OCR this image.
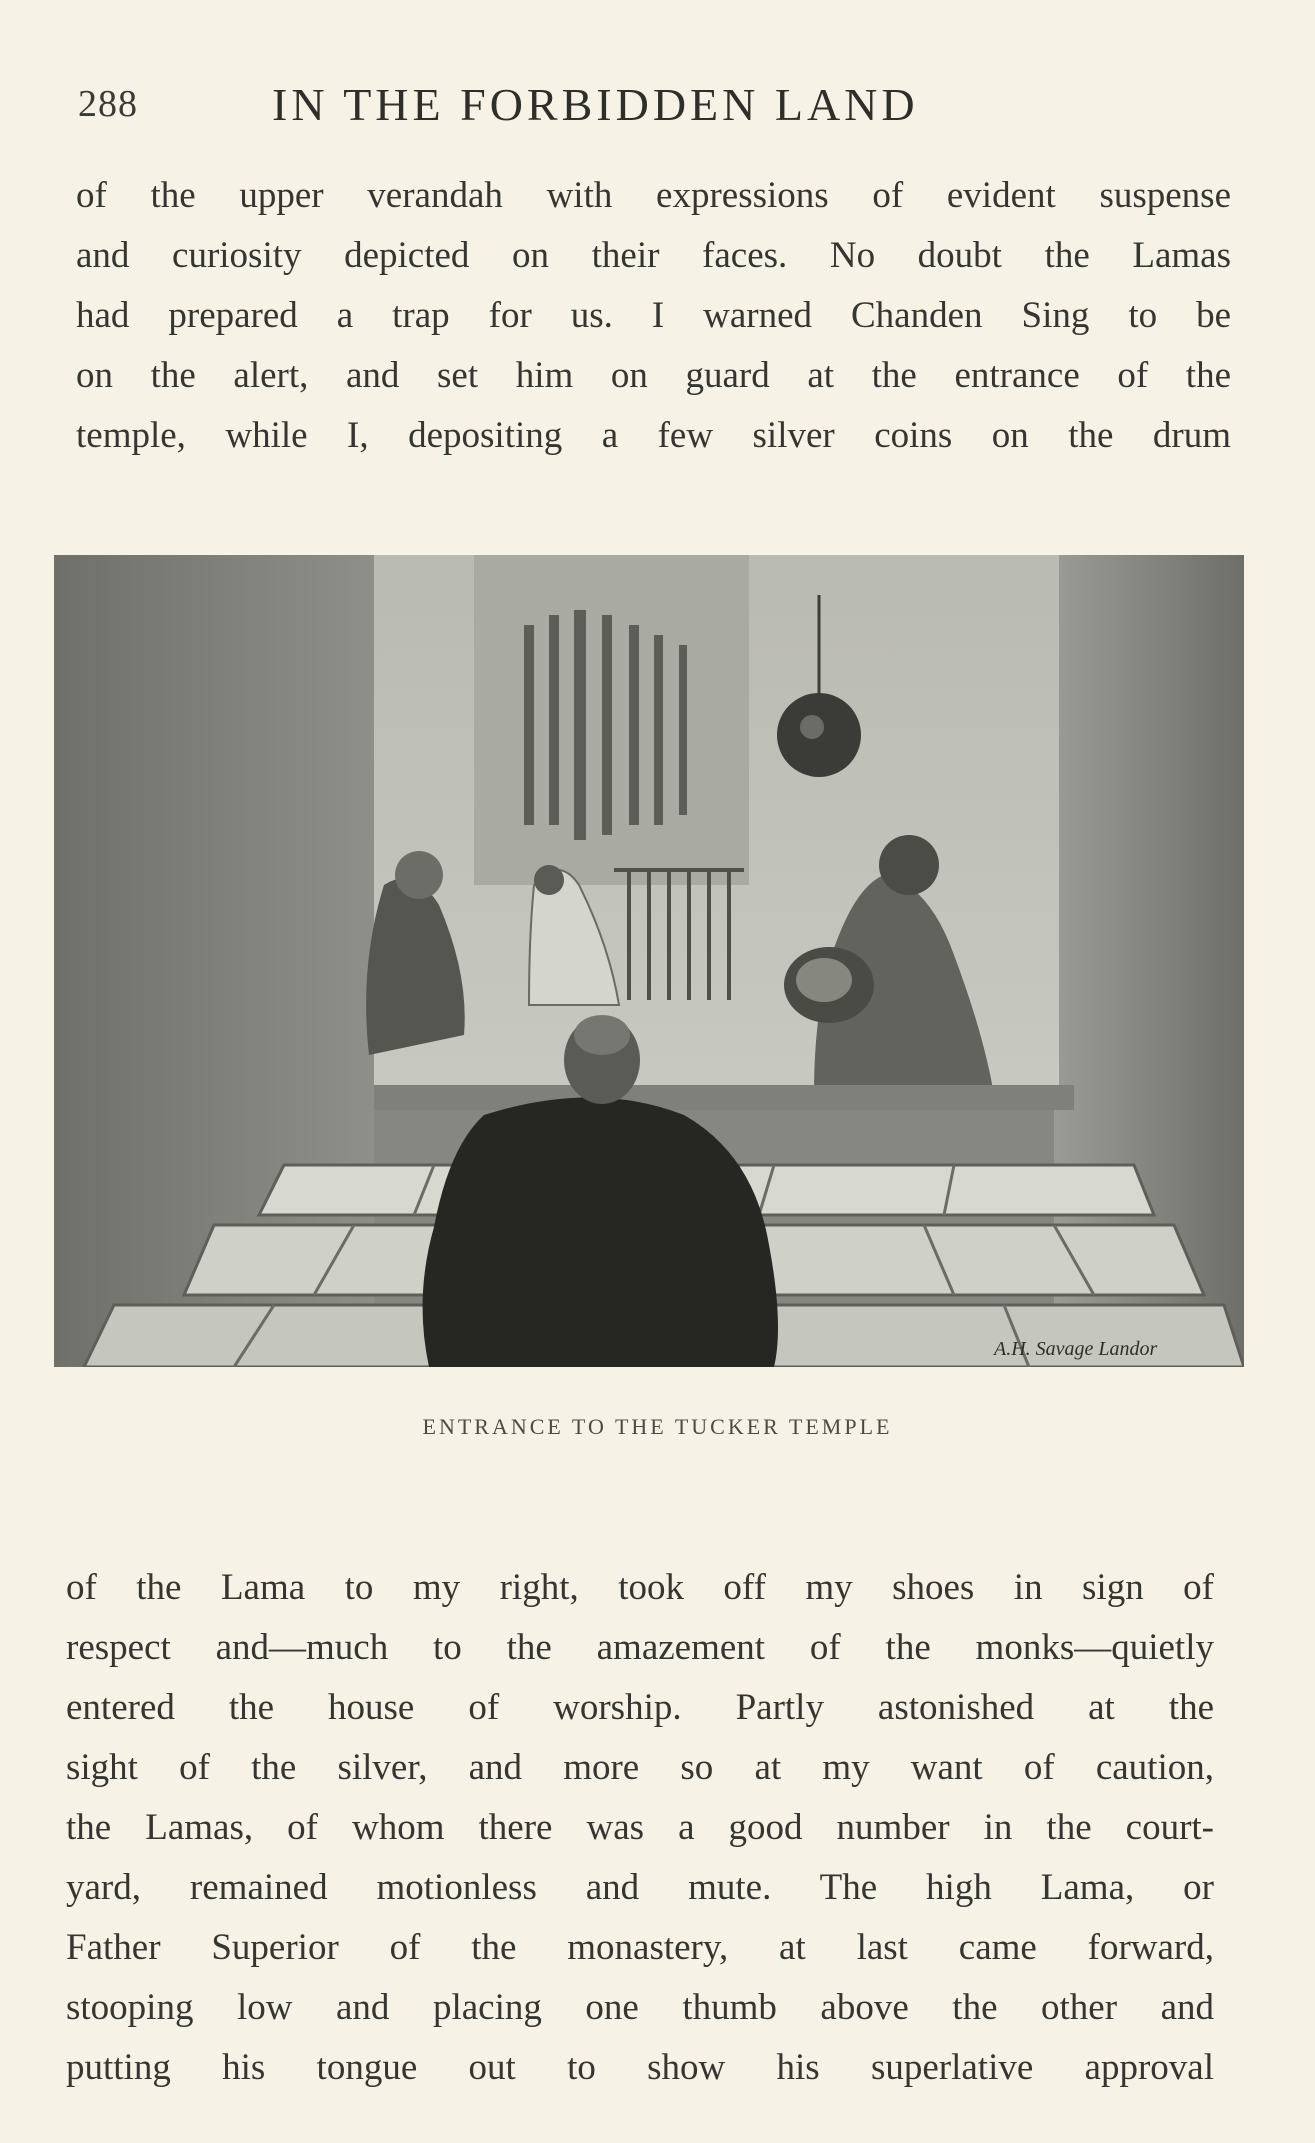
288	IN THE FORBIDDEN LAND
of the upper verandah with expressions of evident suspense
and curiosity depicted on their faces. No doubt the Lamas
had prepared a trap for us. I warned Chanden Sing to be
on the alert, and set him on guard at the entrance of the
temple, while I, depositing a few silver coins on the drum
A.H. Savage Landor
ENTRANCE TO THE TUCKER TEMPLE
of the Lama to my right, took off my shoes in sign of
respect and—much to the amazement of the monks—quietly
entered the house of worship. Partly astonished at the
sight of the silver, and more so at my want of caution,
the Lamas, of whom there was a good number in the court-
yard, remained motionless and mute. The high Lama, or
Father Superior of the monastery, at last came forward,
stooping low and placing one thumb above the other and
putting his tongue out to show his superlative approval
